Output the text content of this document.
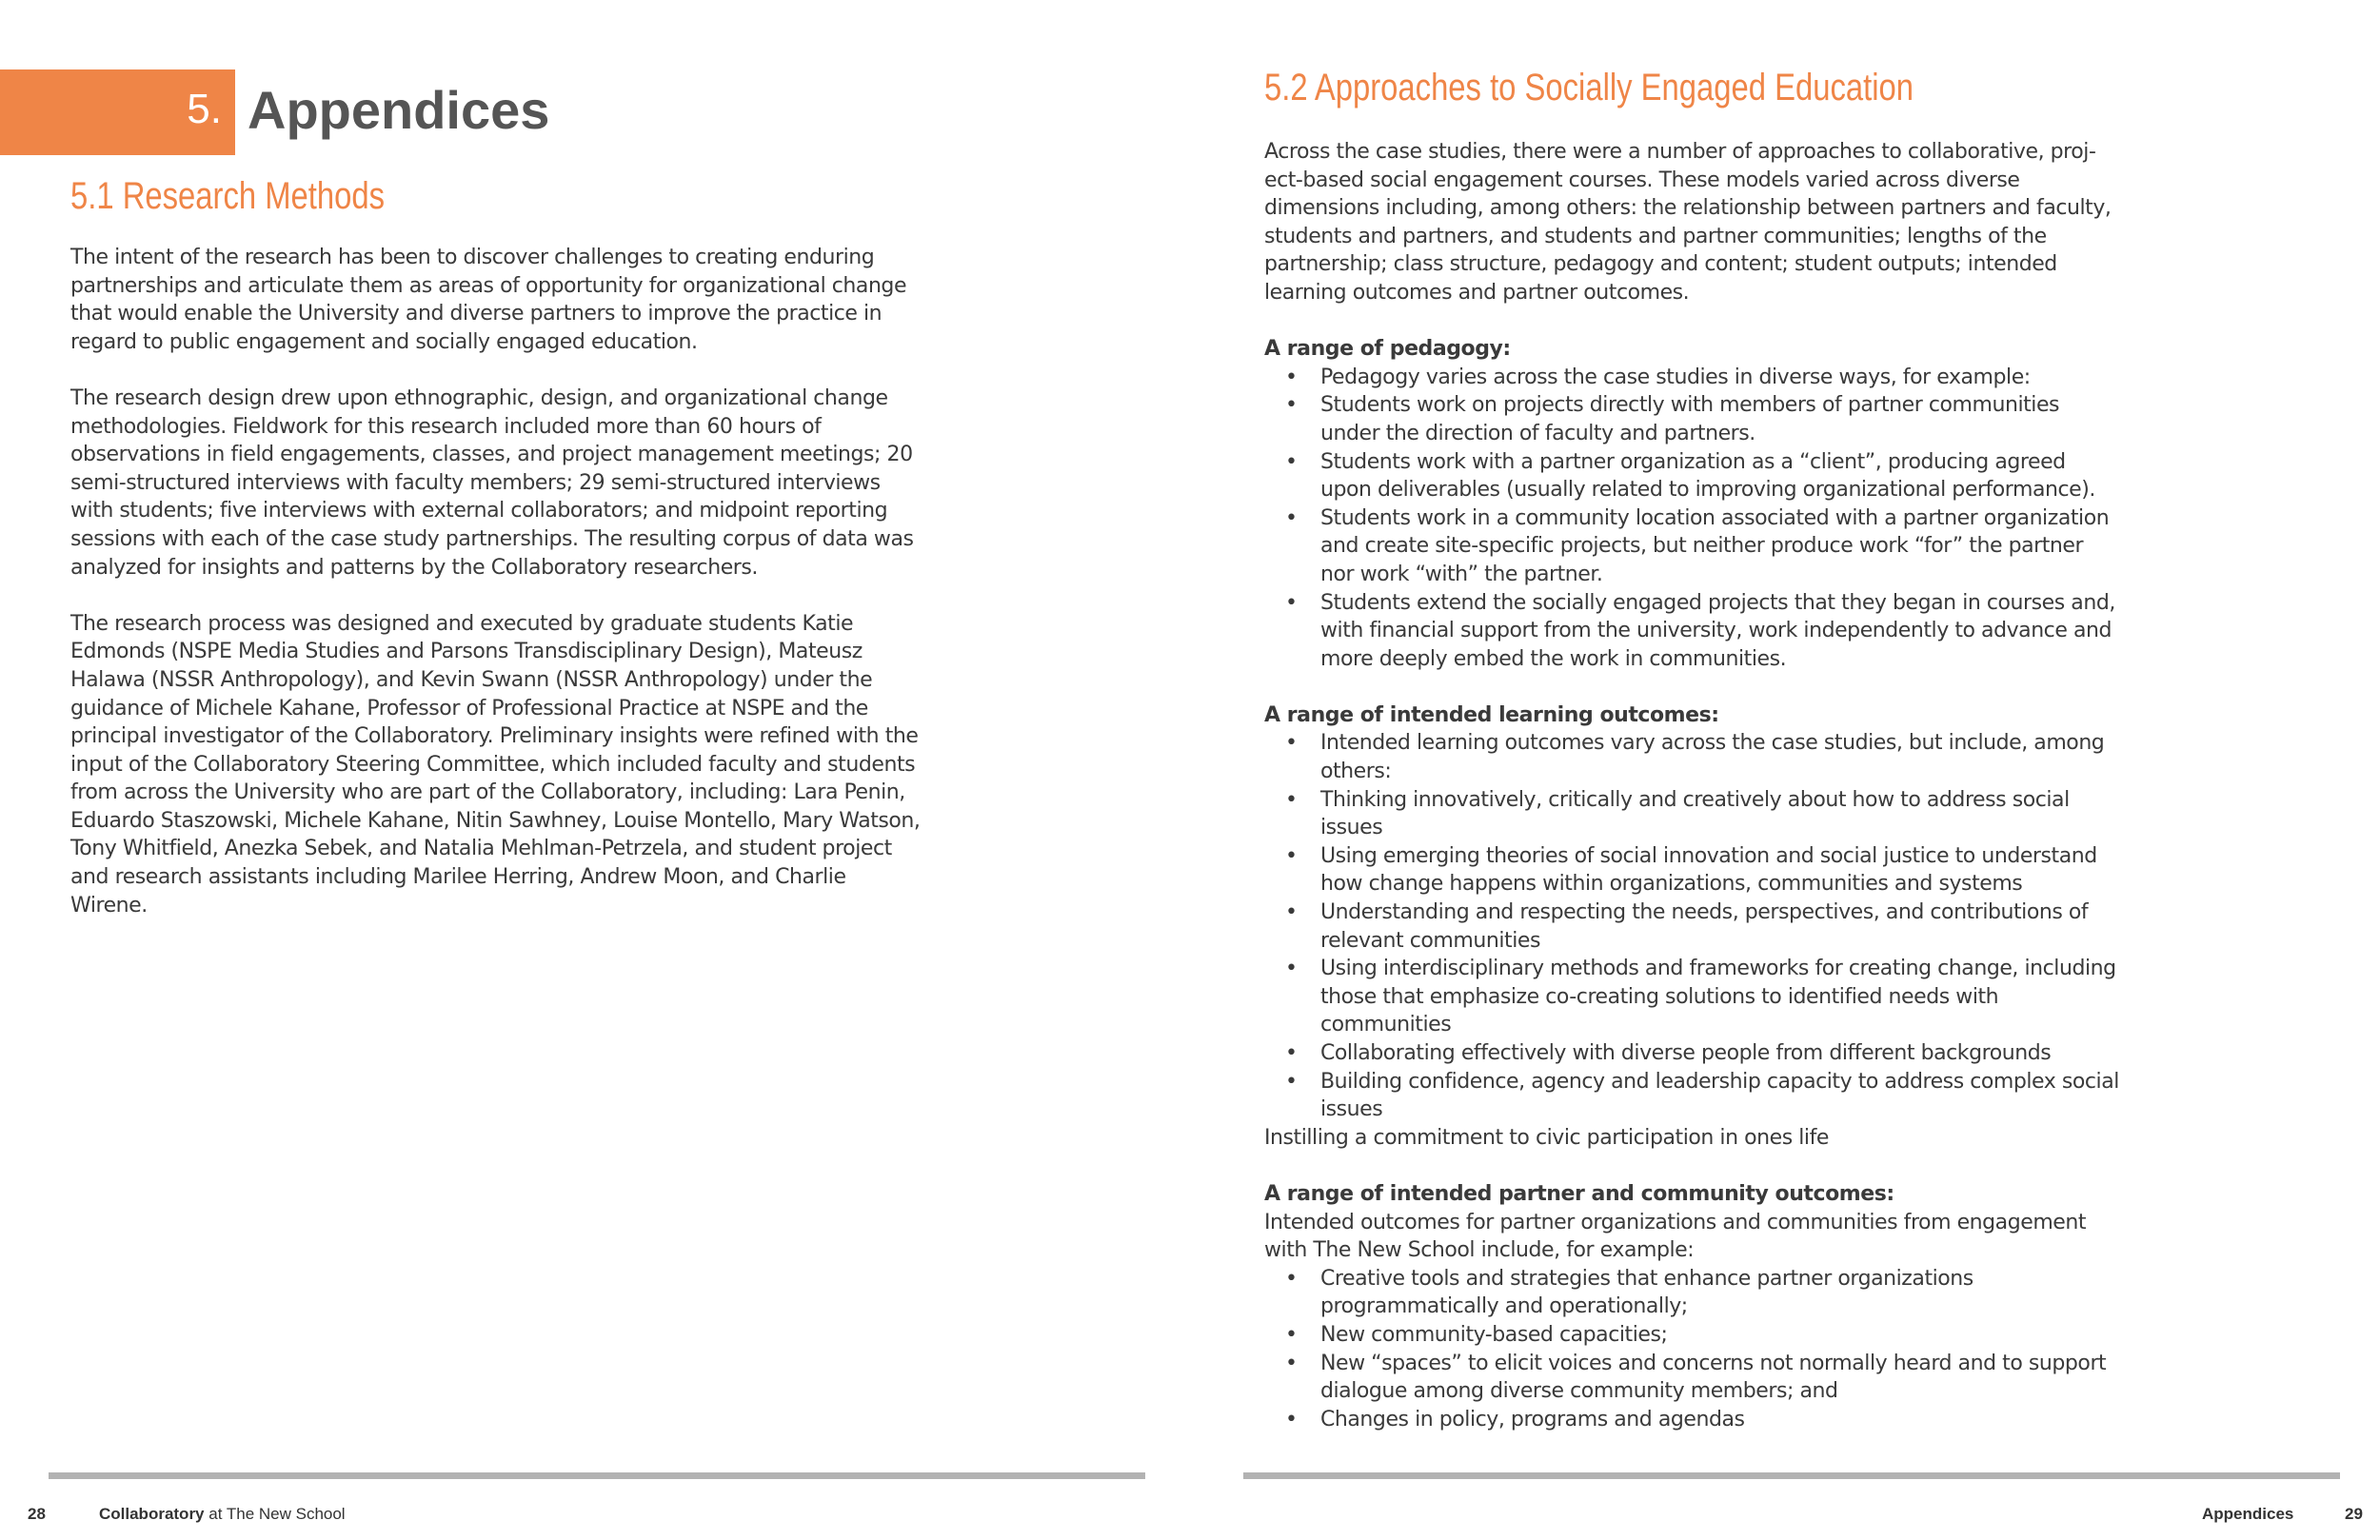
5. Appendices
5.1 Research Methods

The intent of the research has been to discover challenges to creating enduring partnerships and articulate them as areas of opportunity for organizational change that would enable the University and diverse partners to improve the practice in regard to public engagement and socially engaged education.

The research design drew upon ethnographic, design, and organizational change methodologies. Fieldwork for this research included more than 60 hours of observations in field engagements, classes, and project management meetings; 20 semi-structured interviews with faculty members; 29 semi-structured interviews with students; five interviews with external collaborators; and midpoint reporting sessions with each of the case study partnerships. The resulting corpus of data was analyzed for insights and patterns by the Collaboratory researchers.

The research process was designed and executed by graduate students Katie Edmonds (NSPE Media Studies and Parsons Transdisciplinary Design), Mateusz Halawa (NSSR Anthropology), and Kevin Swann (NSSR Anthropology) under the guidance of Michele Kahane, Professor of Professional Practice at NSPE and the principal investigator of the Collaboratory. Preliminary insights were refined with the input of the Collaboratory Steering Committee, which included faculty and students from across the University who are part of the Collaboratory, including: Lara Penin, Eduardo Staszowski, Michele Kahane, Nitin Sawhney, Louise Montello, Mary Watson, Tony Whitfield, Anezka Sebek, and Natalia Mehlman-Petrzela, and student project and research assistants including Marilee Herring, Andrew Moon, and Charlie Wirene.

28	Collaboratory at The New School
5.2 Approaches to Socially Engaged Education

Across the case studies, there were a number of approaches to collaborative, project-based social engagement courses. These models varied across diverse dimensions including, among others: the relationship between partners and faculty, students and partners, and students and partner communities; lengths of the partnership; class structure, pedagogy and content; student outputs; intended learning outcomes and partner outcomes.

A range of pedagogy:
• Pedagogy varies across the case studies in diverse ways, for example:
• Students work on projects directly with members of partner communities under the direction of faculty and partners.
• Students work with a partner organization as a “client”, producing agreed upon deliverables (usually related to improving organizational performance).
• Students work in a community location associated with a partner organization and create site-specific projects, but neither produce work “for” the partner nor work “with” the partner.
• Students extend the socially engaged projects that they began in courses and, with financial support from the university, work independently to advance and more deeply embed the work in communities.
A range of intended learning outcomes:
• Intended learning outcomes vary across the case studies, but include, among others:
• Thinking innovatively, critically and creatively about how to address social issues
• Using emerging theories of social innovation and social justice to understand how change happens within organizations, communities and systems
• Understanding and respecting the needs, perspectives, and contributions of relevant communities
• Using interdisciplinary methods and frameworks for creating change, including those that emphasize co-creating solutions to identified needs with communities
• Collaborating effectively with diverse people from different backgrounds
• Building confidence, agency and leadership capacity to address complex social issues
Instilling a commitment to civic participation in ones life
A range of intended partner and community outcomes:
Intended outcomes for partner organizations and communities from engagement with The New School include, for example:
• Creative tools and strategies that enhance partner organizations programmatically and operationally;
• New community-based capacities;
• New “spaces” to elicit voices and concerns not normally heard and to support dialogue among diverse community members; and
• Changes in policy, programs and agendas
Appendices	29
